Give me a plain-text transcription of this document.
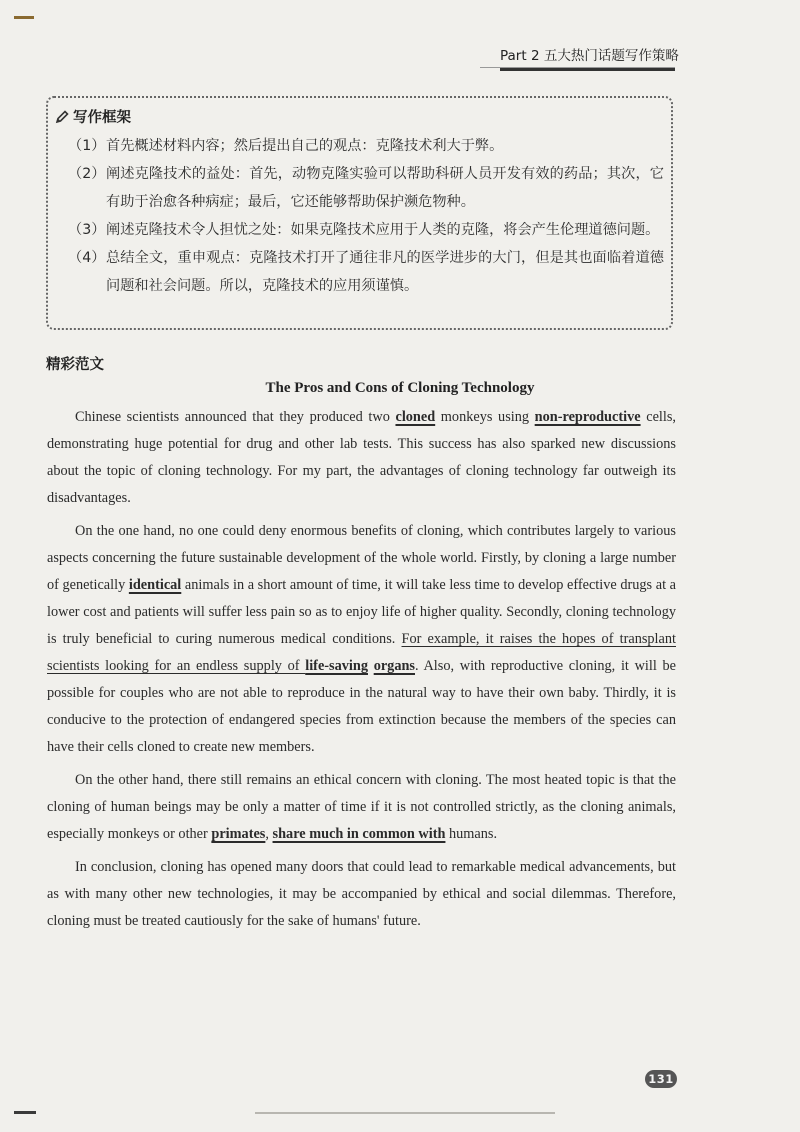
Part 2 五大热门话题写作策略
写作框架
（1） 首先概述材料内容；然后提出自己的观点：克隆技术利大于弊。
（2） 阐述克隆技术的益处：首先，动物克隆实验可以帮助科研人员开发有效的药品；其次，它有助于治愈各种病症；最后，它还能够帮助保护濒危物种。
（3） 阐述克隆技术令人担忧之处：如果克隆技术应用于人类的克隆，将会产生伦理道德问题。
（4） 总结全文，重申观点：克隆技术打开了通往非凡的医学进步的大门，但是其也面临着道德问题和社会问题。所以，克隆技术的应用须谨慎。
精彩范文
The Pros and Cons of Cloning Technology

Chinese scientists announced that they produced two cloned monkeys using non-reproductive cells, demonstrating huge potential for drug and other lab tests. This success has also sparked new discussions about the topic of cloning technology. For my part, the advantages of cloning technology far outweigh its disadvantages.

On the one hand, no one could deny enormous benefits of cloning, which contributes largely to various aspects concerning the future sustainable development of the whole world. Firstly, by cloning a large number of genetically identical animals in a short amount of time, it will take less time to develop effective drugs at a lower cost and patients will suffer less pain so as to enjoy life of higher quality. Secondly, cloning technology is truly beneficial to curing numerous medical conditions. For example, it raises the hopes of transplant scientists looking for an endless supply of life-saving organs. Also, with reproductive cloning, it will be possible for couples who are not able to reproduce in the natural way to have their own baby. Thirdly, it is conducive to the protection of endangered species from extinction because the members of the species can have their cells cloned to create new members.

On the other hand, there still remains an ethical concern with cloning. The most heated topic is that the cloning of human beings may be only a matter of time if it is not controlled strictly, as the cloning animals, especially monkeys or other primates, share much in common with humans.

In conclusion, cloning has opened many doors that could lead to remarkable medical advancements, but as with many other new technologies, it may be accompanied by ethical and social dilemmas. Therefore, cloning must be treated cautiously for the sake of humans' future.

131
